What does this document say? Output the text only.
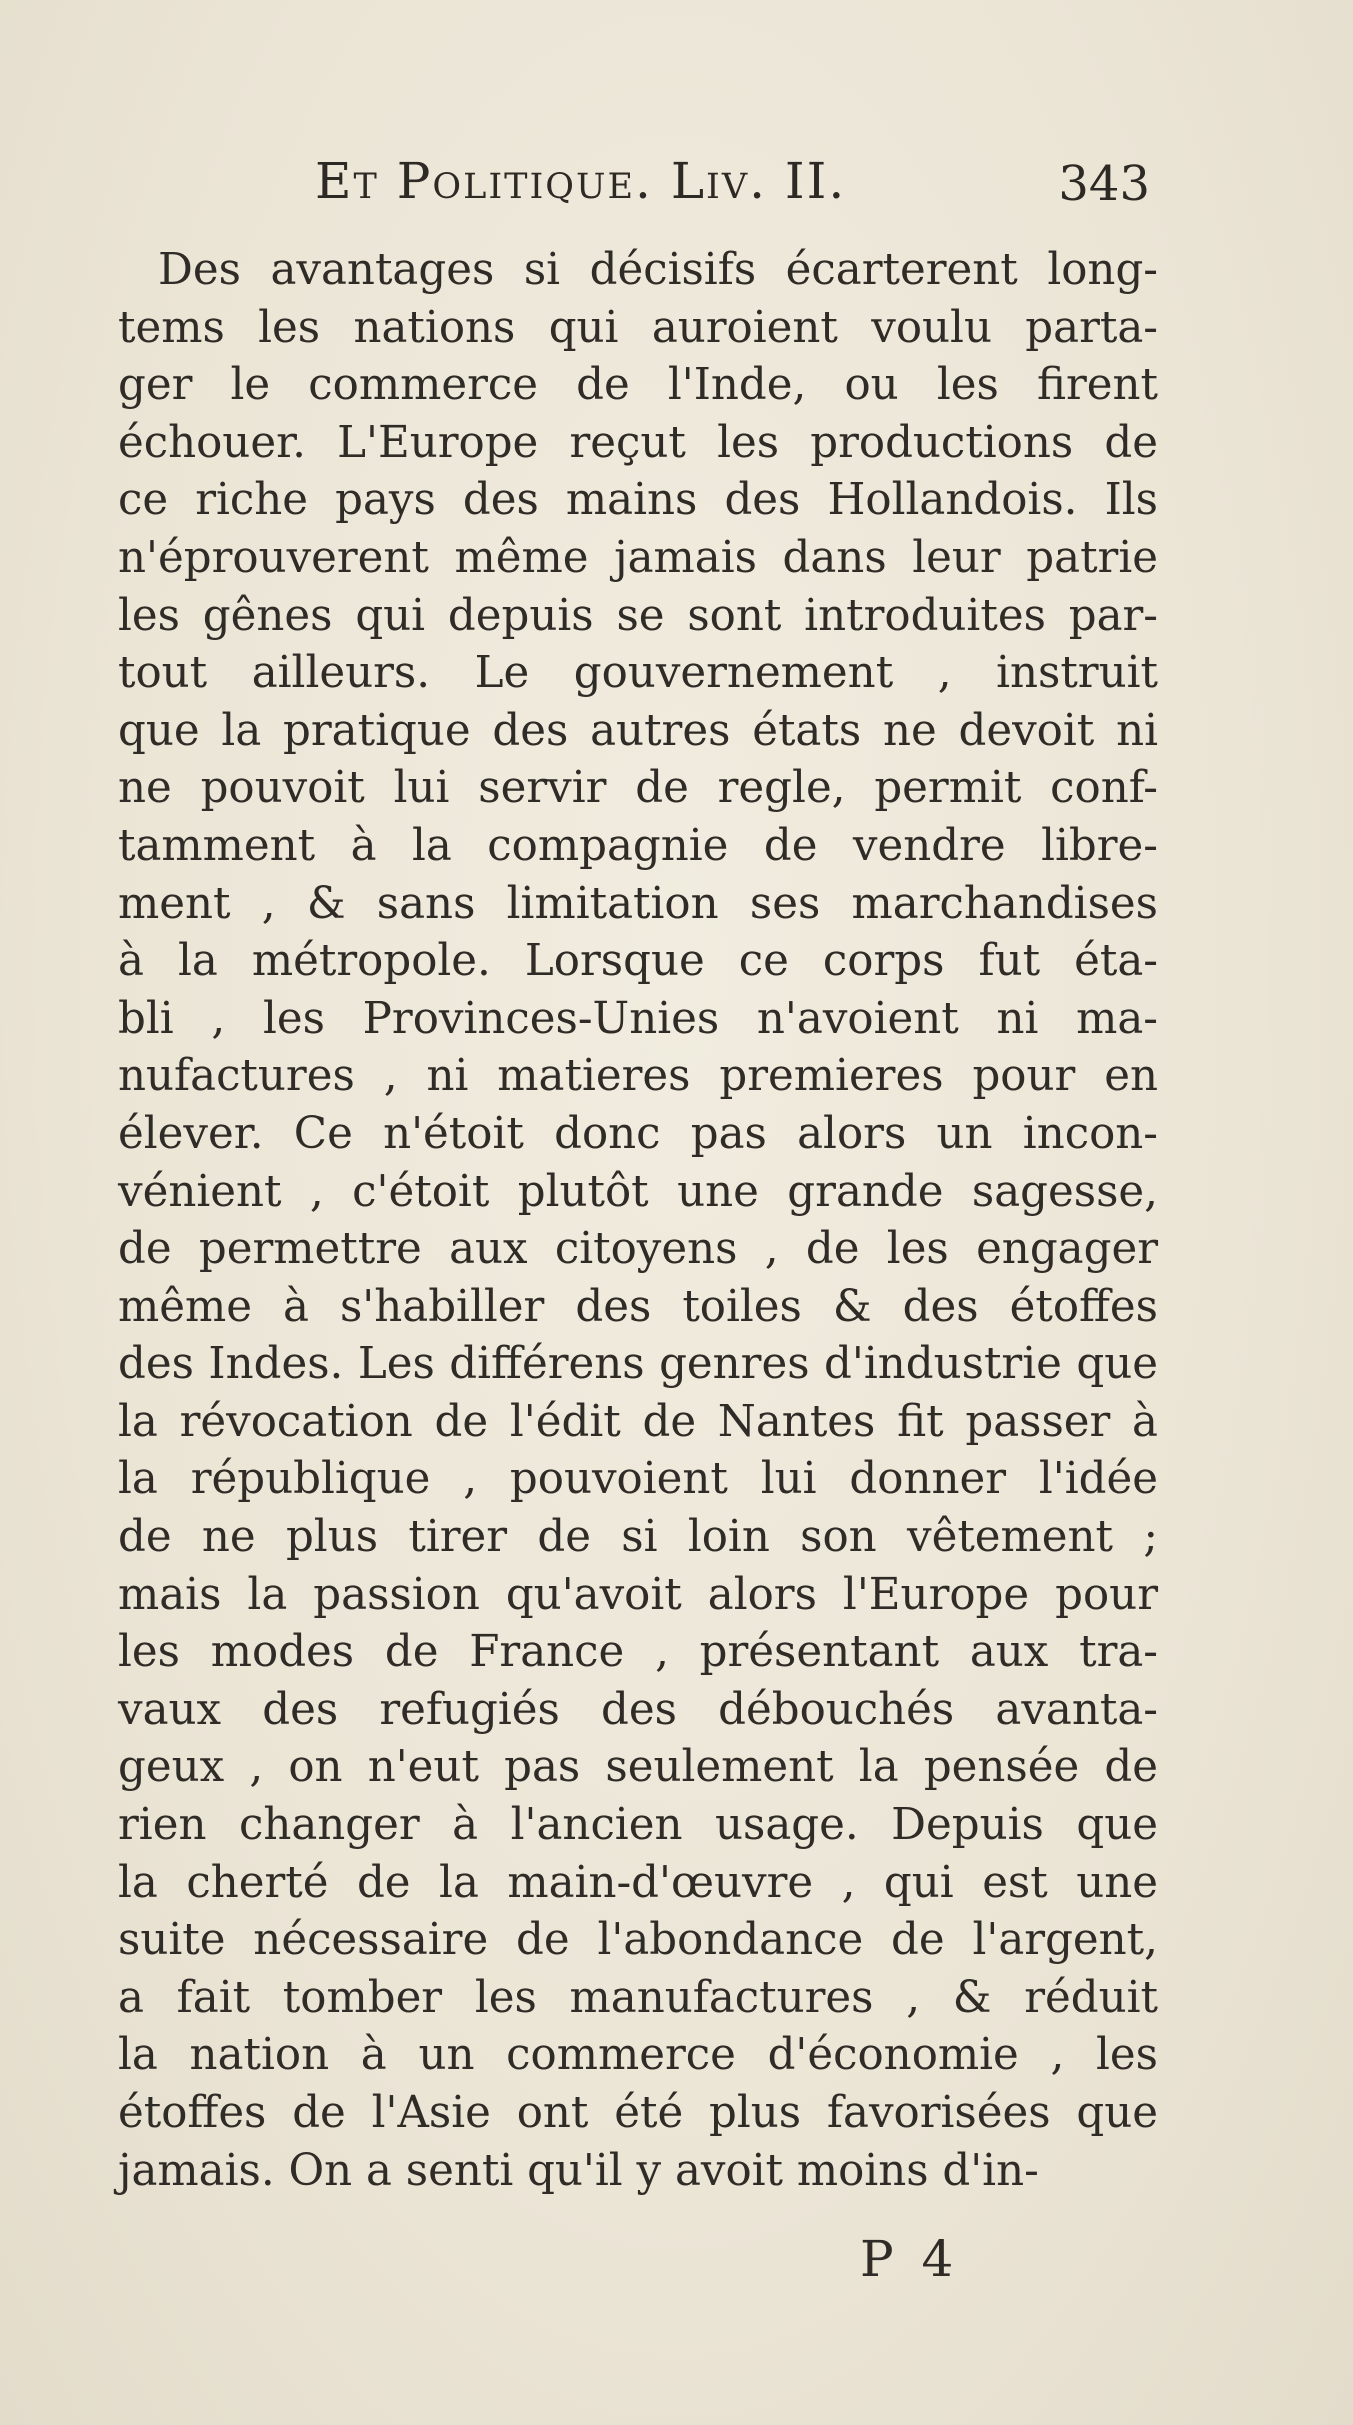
Et Politique. Liv. II.	343
Des avantages si décisifs écarterent long-
tems les nations qui auroient voulu parta-
ger le commerce de l'Inde, ou les firent
échouer. L'Europe reçut les productions de
ce riche pays des mains des Hollandois. Ils
n'éprouverent même jamais dans leur patrie
les gênes qui depuis se sont introduites par-
tout ailleurs. Le gouvernement , instruit
que la pratique des autres états ne devoit ni
ne pouvoit lui servir de regle, permit conf-
tamment à la compagnie de vendre libre-
ment , & sans limitation ses marchandises
à la métropole. Lorsque ce corps fut éta-
bli , les Provinces-Unies n'avoient ni ma-
nufactures , ni matieres premieres pour en
élever. Ce n'étoit donc pas alors un incon-
vénient , c'étoit plutôt une grande sagesse,
de permettre aux citoyens , de les engager
même à s'habiller des toiles & des étoffes
des Indes. Les différens genres d'industrie que
la révocation de l'édit de Nantes fit passer à
la république , pouvoient lui donner l'idée
de ne plus tirer de si loin son vêtement ;
mais la passion qu'avoit alors l'Europe pour
les modes de France , présentant aux tra-
vaux des refugiés des débouchés avanta-
geux , on n'eut pas seulement la pensée de
rien changer à l'ancien usage. Depuis que
la cherté de la main-d'œuvre , qui est une
suite nécessaire de l'abondance de l'argent,
a fait tomber les manufactures , & réduit
la nation à un commerce d'économie , les
étoffes de l'Asie ont été plus favorisées que
jamais. On a senti qu'il y avoit moins d'in-
P 4
